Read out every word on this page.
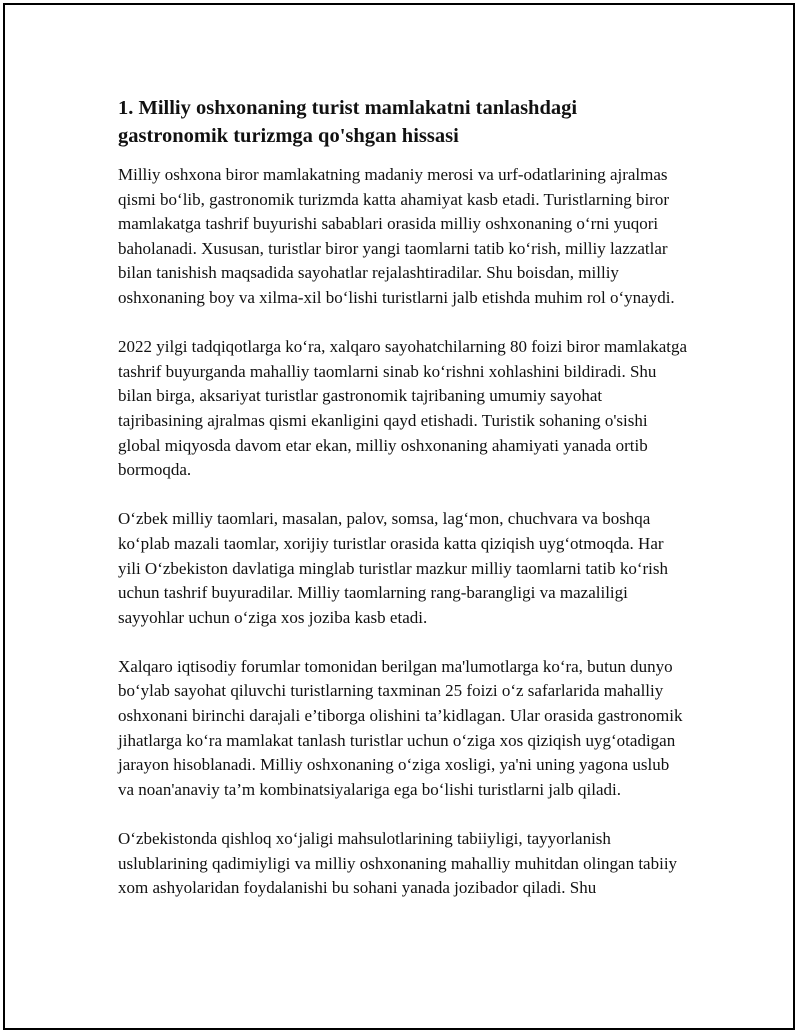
1. Milliy oshxonaning turist mamlakatni tanlashdagi gastronomik turizmga qo'shgan hissasi

Milliy oshxona biror mamlakatning madaniy merosi va urf-odatlarining ajralmas qismi bo‘lib, gastronomik turizmda katta ahamiyat kasb etadi. Turistlarning biror mamlakatga tashrif buyurishi sabablari orasida milliy oshxonaning o‘rni yuqori baholanadi. Xususan, turistlar biror yangi taomlarni tatib ko‘rish, milliy lazzatlar bilan tanishish maqsadida sayohatlar rejalashtiradilar. Shu boisdan, milliy oshxonaning boy va xilma-xil bo‘lishi turistlarni jalb etishda muhim rol o‘ynaydi.

2022 yilgi tadqiqotlarga ko‘ra, xalqaro sayohatchilarning 80 foizi biror mamlakatga tashrif buyurganda mahalliy taomlarni sinab ko‘rishni xohlashini bildiradi. Shu bilan birga, aksariyat turistlar gastronomik tajribaning umumiy sayohat tajribasining ajralmas qismi ekanligini qayd etishadi. Turistik sohaning o'sishi global miqyosda davom etar ekan, milliy oshxonaning ahamiyati yanada ortib bormoqda.

O‘zbek milliy taomlari, masalan, palov, somsa, lag‘mon, chuchvara va boshqa ko‘plab mazali taomlar, xorijiy turistlar orasida katta qiziqish uyg‘otmoqda. Har yili O‘zbekiston davlatiga minglab turistlar mazkur milliy taomlarni tatib ko‘rish uchun tashrif buyuradilar. Milliy taomlarning rang-barangligi va mazaliligi sayyohlar uchun o‘ziga xos joziba kasb etadi.

Xalqaro iqtisodiy forumlar tomonidan berilgan ma'lumotlarga ko‘ra, butun dunyo bo‘ylab sayohat qiluvchi turistlarning taxminan 25 foizi o‘z safarlarida mahalliy oshxonani birinchi darajali e’tiborga olishini ta’kidlagan. Ular orasida gastronomik jihatlarga ko‘ra mamlakat tanlash turistlar uchun o‘ziga xos qiziqish uyg‘otadigan jarayon hisoblanadi. Milliy oshxonaning o‘ziga xosligi, ya'ni uning yagona uslub va noan'anaviy ta’m kombinatsiyalariga ega bo‘lishi turistlarni jalb qiladi.

O‘zbekistonda qishloq xo‘jaligi mahsulotlarining tabiiyligi, tayyorlanish uslublarining qadimiyligi va milliy oshxonaning mahalliy muhitdan olingan tabiiy xom ashyolaridan foydalanishi bu sohani yanada jozibador qiladi. Shu
